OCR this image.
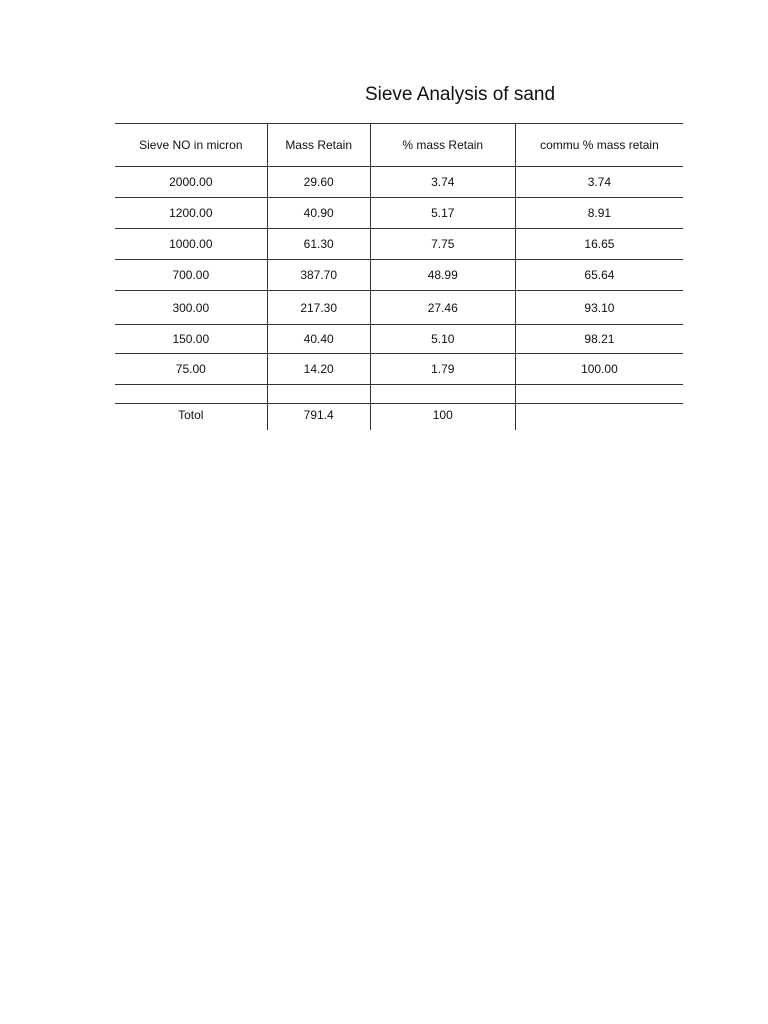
Sieve Analysis of sand
Sieve NO in micron	Mass Retain	% mass Retain	commu % mass retain
2000.00	29.60	3.74	3.74
1200.00	40.90	5.17	8.91
1000.00	61.30	7.75	16.65
700.00	387.70	48.99	65.64
300.00	217.30	27.46	93.10
150.00	40.40	5.10	98.21
75.00	14.20	1.79	100.00

Totol	791.4	100	
